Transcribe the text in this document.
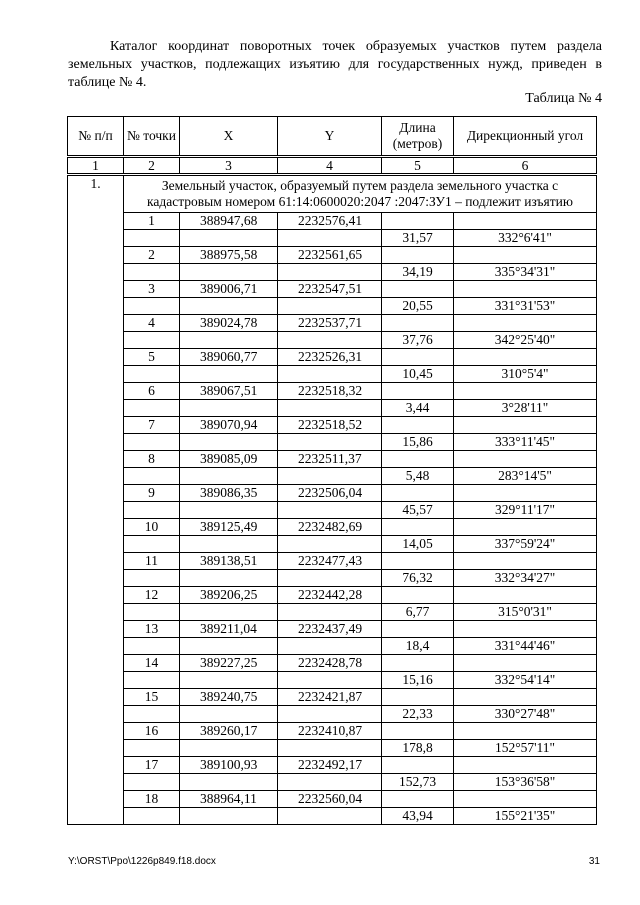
Каталог координат поворотных точек образуемых участков путем раздела земельных участков, подлежащих изъятию для государственных нужд, приведен в таблице № 4.
Таблица № 4
№ п/п	№ точки	X	Y	Длина (метров)	Дирекционный угол
1	2	3	4	5	6
1.	Земельный участок, образуемый путем раздела земельного участка с кадастровым номером 61:14:0600020:2047 :2047:ЗУ1 – подлежит изъятию				
	1	388947,68	2232576,41		
				31,57	332°6'41"
	2	388975,58	2232561,65		
				34,19	335°34'31"
	3	389006,71	2232547,51		
				20,55	331°31'53"
	4	389024,78	2232537,71		
				37,76	342°25'40"
	5	389060,77	2232526,31		
				10,45	310°5'4"
	6	389067,51	2232518,32		
				3,44	3°28'11"
	7	389070,94	2232518,52		
				15,86	333°11'45"
	8	389085,09	2232511,37		
				5,48	283°14'5"
	9	389086,35	2232506,04		
				45,57	329°11'17"
	10	389125,49	2232482,69		
				14,05	337°59'24"
	11	389138,51	2232477,43		
				76,32	332°34'27"
	12	389206,25	2232442,28		
				6,77	315°0'31"
	13	389211,04	2232437,49		
				18,4	331°44'46"
	14	389227,25	2232428,78		
				15,16	332°54'14"
	15	389240,75	2232421,87		
				22,33	330°27'48"
	16	389260,17	2232410,87		
				178,8	152°57'11"
	17	389100,93	2232492,17		
				152,73	153°36'58"
	18	388964,11	2232560,04		
				43,94	155°21'35"
Y:\ORST\Ppo\1226p849.f18.docx	31
